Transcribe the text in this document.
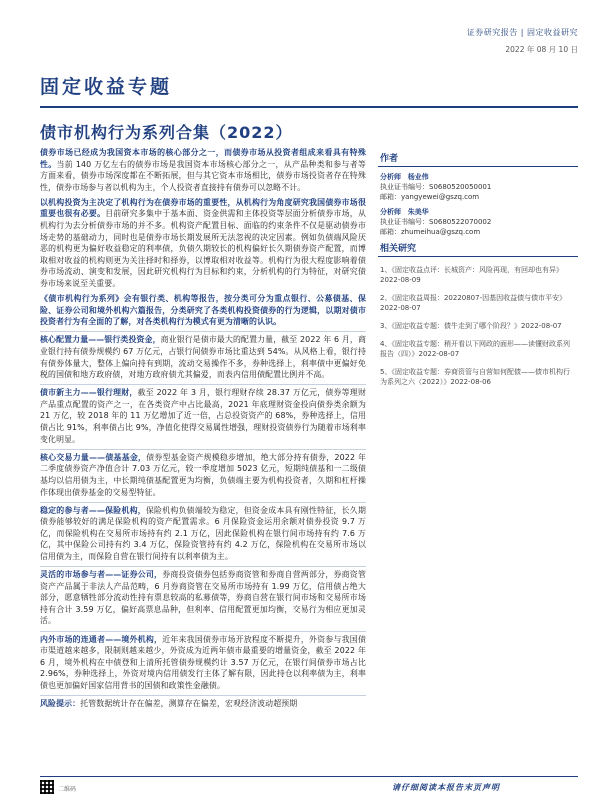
证券研究报告 | 固定收益研究
2022 年 08 月 10 日
固定收益专题
债市机构行为系列合集（2022）

债券市场已经成为我国资本市场的核心部分之一，而债券市场从投资者组成来看具有特殊性。当前 140 万亿左右的债券市场是我国资本市场核心部分之一，从产品种类和参与者等方面来看，债券市场深度都在不断拓展，但与其它资本市场相比，债券市场投资者存在特殊性，债券市场参与者以机构为主，个人投资者直接持有债券可以忽略不计。

以机构投资为主决定了机构行为在债券市场的重要性，从机构行为角度研究我国债券市场很重要也很有必要。目前研究多集中于基本面、资金供需和主体投资等层面分析债券市场，从机构行为去分析债券市场的并不多。机构资产配置目标、面临的约束条件不仅是驱动债券市场走势的基础动力，同时也是债券市场长期发展所无法忽视的决定因素。例如负债端风险厌恶的机构更为偏好收益稳定的利率债，负债久期较长的机构偏好长久期债券资产配置，而博取相对收益的机构则更为关注择时和择券，以博取相对收益等。机构行为很大程度影响着债券市场流动、演变和发展，因此研究机构行为目标和约束，分析机构的行为特征，对研究债券市场来说至关重要。

《债市机构行为系列》会有银行类、机构等报告，按分类可分为重点银行、公募债基、保险、证券公司和境外机构六篇报告，分类研究了各类机构投资债券的行为逻辑，以期对债市投资者行为有全面的了解，对各类机构行为模式有更为清晰的认识。

核心配置力量——银行类投资金，商业银行是债市最大的配置力量，截至 2022 年 6 月，商业银行持有债券规模约 67 万亿元，占银行间债券市场比重达到 54%。从风格上看，银行持有债券体量大，整体上偏向持有到期，流动交易操作不多，券种选择上，利率债中更偏好免税的国债和地方政府债，对地方政府债尤其偏爱，而表内信用债配置比例并不高。

债市新主力——银行理财，截至 2022 年 3 月，银行理财存续 28.37 万亿元，债券等理财产品重点配置的资产之一，在各类资产中占比最高，2021 年底理财资金投向债券类余额为 21 万亿，较 2018 年的 11 万亿增加了近一倍，占总投资资产的 68%，券种选择上，信用债占比 91%，利率债占比 9%，净值化使得交易属性增强，理财投资债券行为随着市场利率变化明显。

核心交易力量——债基基金，债券型基金资产规模稳步增加，绝大部分持有债券，2022 年二季度债券资产净值合计 7.03 万亿元，较一季度增加 5023 亿元，短期纯债基和一二级债基均以信用债为主，中长期纯债基配置更为均衡，负债端主要为机构投资者，久期和杠杆操作体现出债券基金的交易型特征。

稳定的参与者——保险机构，保险机构负债端较为稳定，但资金成本具有刚性特征，长久期债券能够较好的满足保险机构的资产配置需求。6 月保险资金运用余额对债券投资 9.7 万亿，而保险机构在交易所市场持有约 2.1 万亿，因此保险机构在银行间市场持有约 7.6 万亿，其中保险公司持有约 3.4 万亿，保险资管持有约 4.2 万亿，保险机构在交易所市场以信用债为主，而保险自营在银行间持有以利率债为主。

灵活的市场参与者——证券公司，券商投资债券包括券商资管和券商自营两部分，券商资管资产产品属于非法人产品范畴，6 月券商资管在交易所市场持有 1.99 万亿，信用债占绝大部分，愿意牺牲部分流动性持有票息较高的私募债等，券商自营在银行间市场和交易所市场持有合计 3.59 万亿，偏好高票息品种，但利率、信用配置更加均衡，交易行为相应更加灵活。

内外市场的连通者——境外机构，近年来我国债券市场开放程度不断提升，外资参与我国债市渠道越来越多，限制则越来越少，外资成为近两年债市最重要的增量资金，截至 2022 年 6 月，境外机构在中债登和上清所托管债券规模约计 3.57 万亿元，在银行间债券市场占比 2.96%，券种选择上，外资对境内信用债发行主体了解有限，因此持仓以利率债为主，利率债也更加偏好国家信用背书的国债和政策性金融债。

风险提示：托管数据统计存在偏差，测算存在偏差，宏观经济波动超预期

作者
分析师 杨业伟
执业证书编号：S0680520050001
邮箱：yangyewei@gszq.com
分析师 朱美华
执业证书编号：S0680522070002
邮箱：zhumeihua@gszq.com
相关研究
1、《固定收益点评：长城资产：风险再现，有回却也有异》2022-08-09
2、《固定收益周报：20220807-因基因收益债与债市平安》2022-08-07
3、《固定收益专题：债牛走到了哪个阶段？》2022-08-07
4、《固定收益专题：稍开看以下网政的面形——读懂财政系列报告（四）》2022-08-07
5、《固定收益专题：券商资管与自营如何配债——债市机构行为系列之六（2022）》2022-08-06
二维码	请仔细阅读本报告末页声明
